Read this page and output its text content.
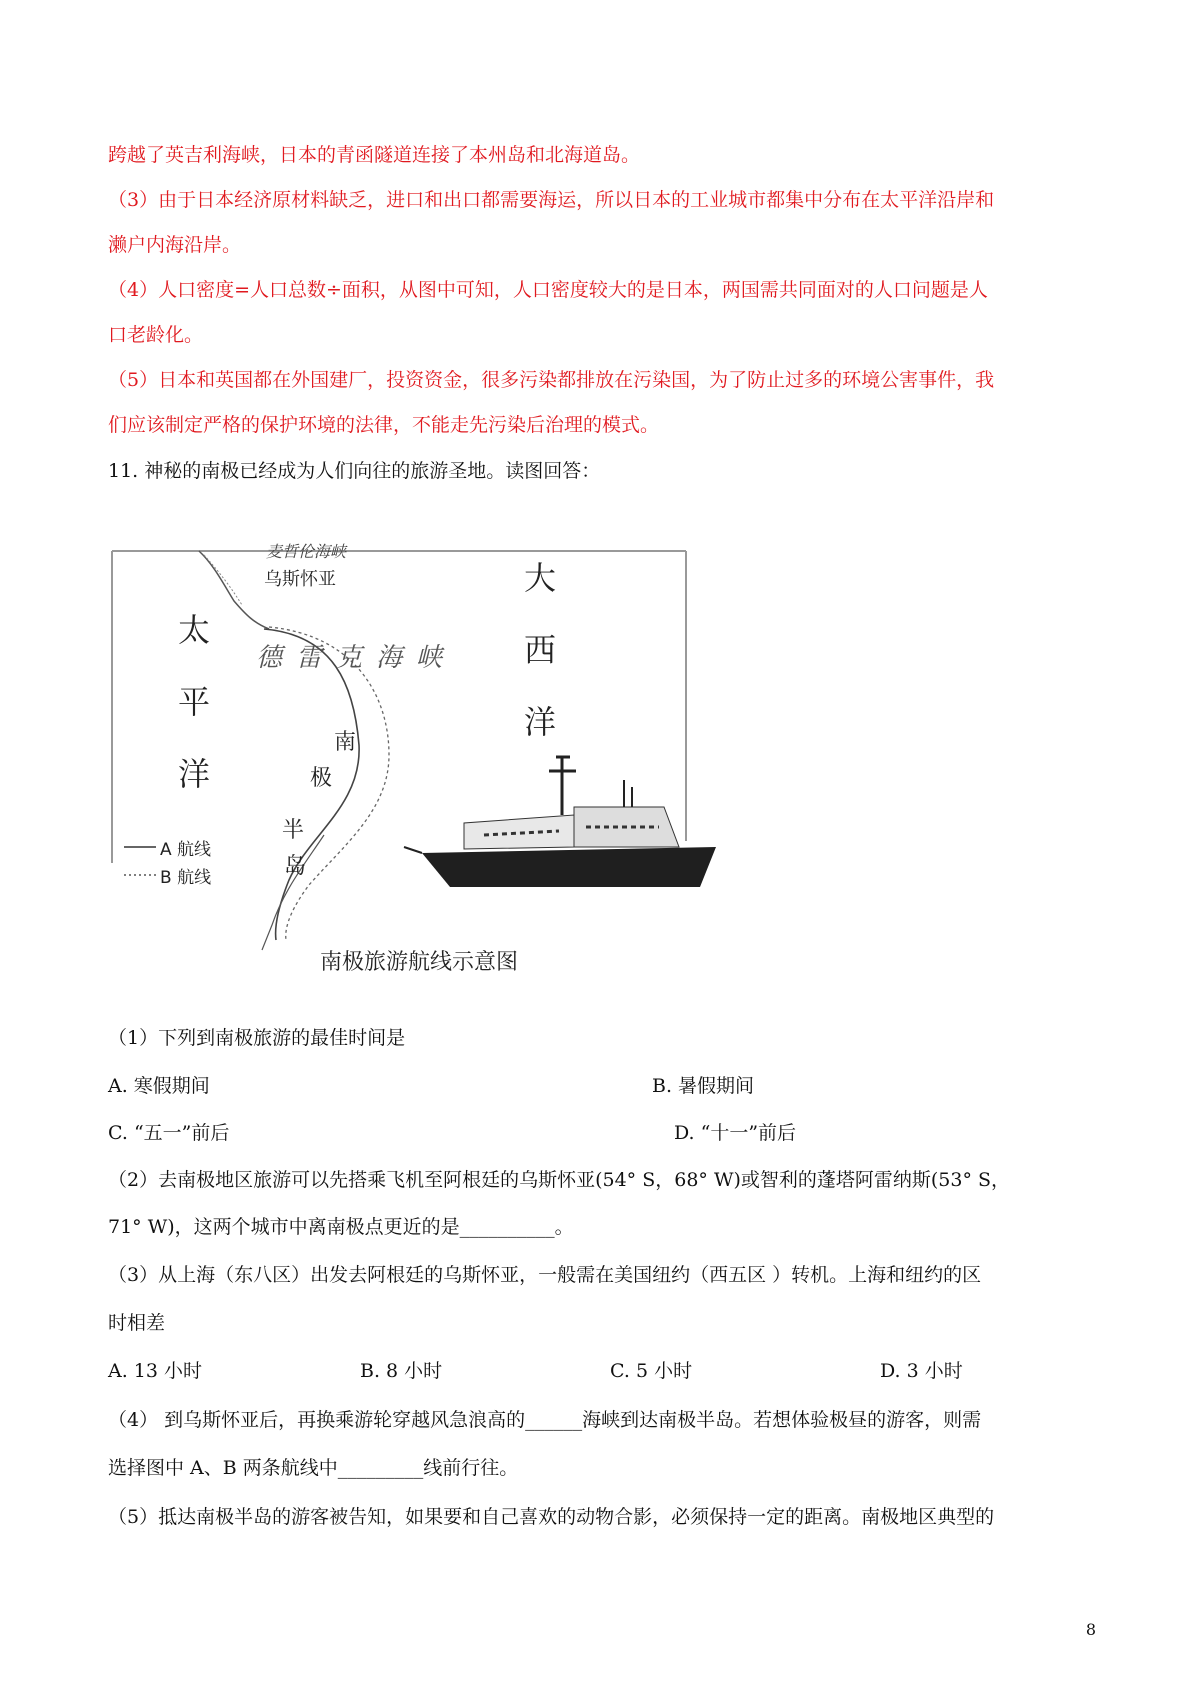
跨越了英吉利海峡，日本的青函隧道连接了本州岛和北海道岛。
（3）由于日本经济原材料缺乏，进口和出口都需要海运，所以日本的工业城市都集中分布在太平洋沿岸和
濑户内海沿岸。
（4）人口密度=人口总数÷面积，从图中可知，人口密度较大的是日本，两国需共同面对的人口问题是人
口老龄化。
（5）日本和英国都在外国建厂，投资资金，很多污染都排放在污染国，为了防止过多的环境公害事件，我
们应该制定严格的保护环境的法律，不能走先污染后治理的模式。
11. 神秘的南极已经成为人们向往的旅游圣地。读图回答：
麦哲伦海峡
乌斯怀亚
德雷克海峡
太
平
洋
大
西
洋
南
极
半
岛
A 航线
B 航线
南极旅游航线示意图
（1）下列到南极旅游的最佳时间是
A. 寒假期间	B. 暑假期间
C. “五一”前后	D. “十一”前后
（2）去南极地区旅游可以先搭乘飞机至阿根廷的乌斯怀亚(54° S，68° W)或智利的蓬塔阿雷纳斯(53° S，
71° W)，这两个城市中离南极点更近的是__________。
（3）从上海（东八区）出发去阿根廷的乌斯怀亚，一般需在美国纽约（西五区 ）转机。上海和纽约的区
时相差
A. 13 小时	B. 8 小时	C. 5 小时	D. 3 小时
（4） 到乌斯怀亚后，再换乘游轮穿越风急浪高的______海峡到达南极半岛。若想体验极昼的游客，则需
选择图中 A、B 两条航线中_________线前行往。
（5）抵达南极半岛的游客被告知，如果要和自己喜欢的动物合影，必须保持一定的距离。南极地区典型的
8
